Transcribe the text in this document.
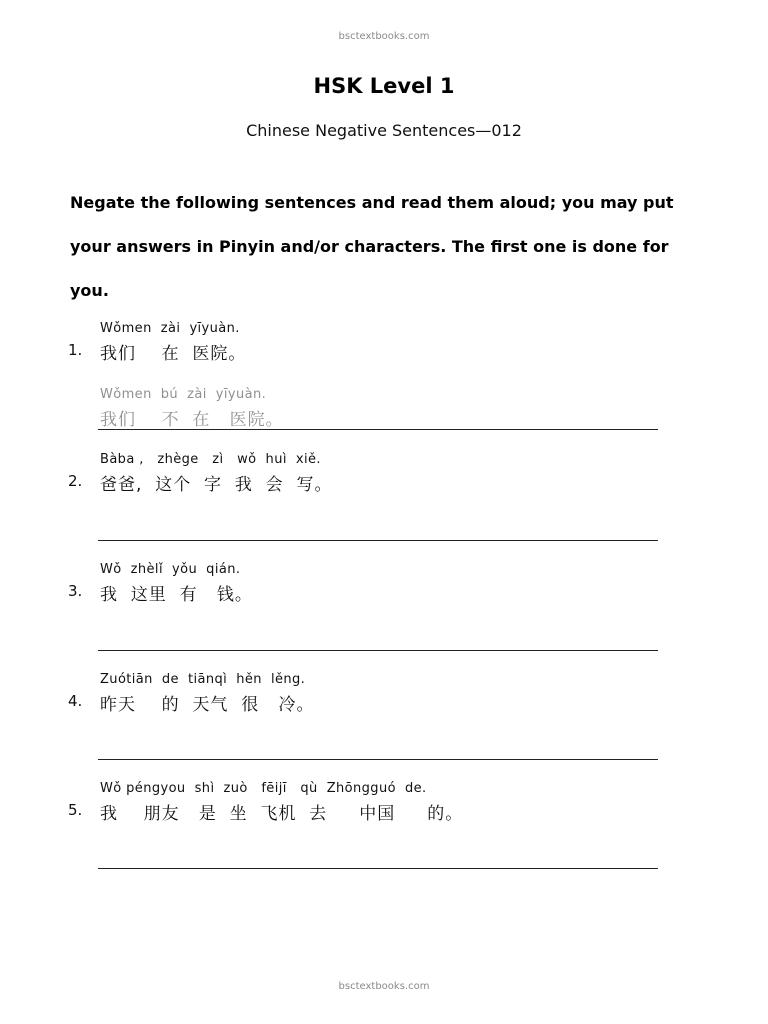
bsctextbooks.com
HSK Level 1
Chinese Negative Sentences—012
Negate the following sentences and read them aloud; you may put your answers in Pinyin and/or characters. The first one is done for you.
1.
Wǒmen  zài  yīyuàn.
我们    在  医院。
Wǒmen  bú  zài  yīyuàn.
我们    不  在   医院。
2.
Bàba ,   zhège   zì   wǒ  huì  xiě.
爸爸,  这个  字  我  会  写。
3.
Wǒ  zhèlǐ  yǒu  qián.
我  这里  有   钱。
4.
Zuótiān  de  tiānqì  hěn  lěng.
昨天    的  天气  很   冷。
5.
Wǒ péngyou  shì  zuò   fēijī   qù  Zhōngguó  de.
我    朋友   是  坐  飞机  去     中国     的。
bsctextbooks.com
